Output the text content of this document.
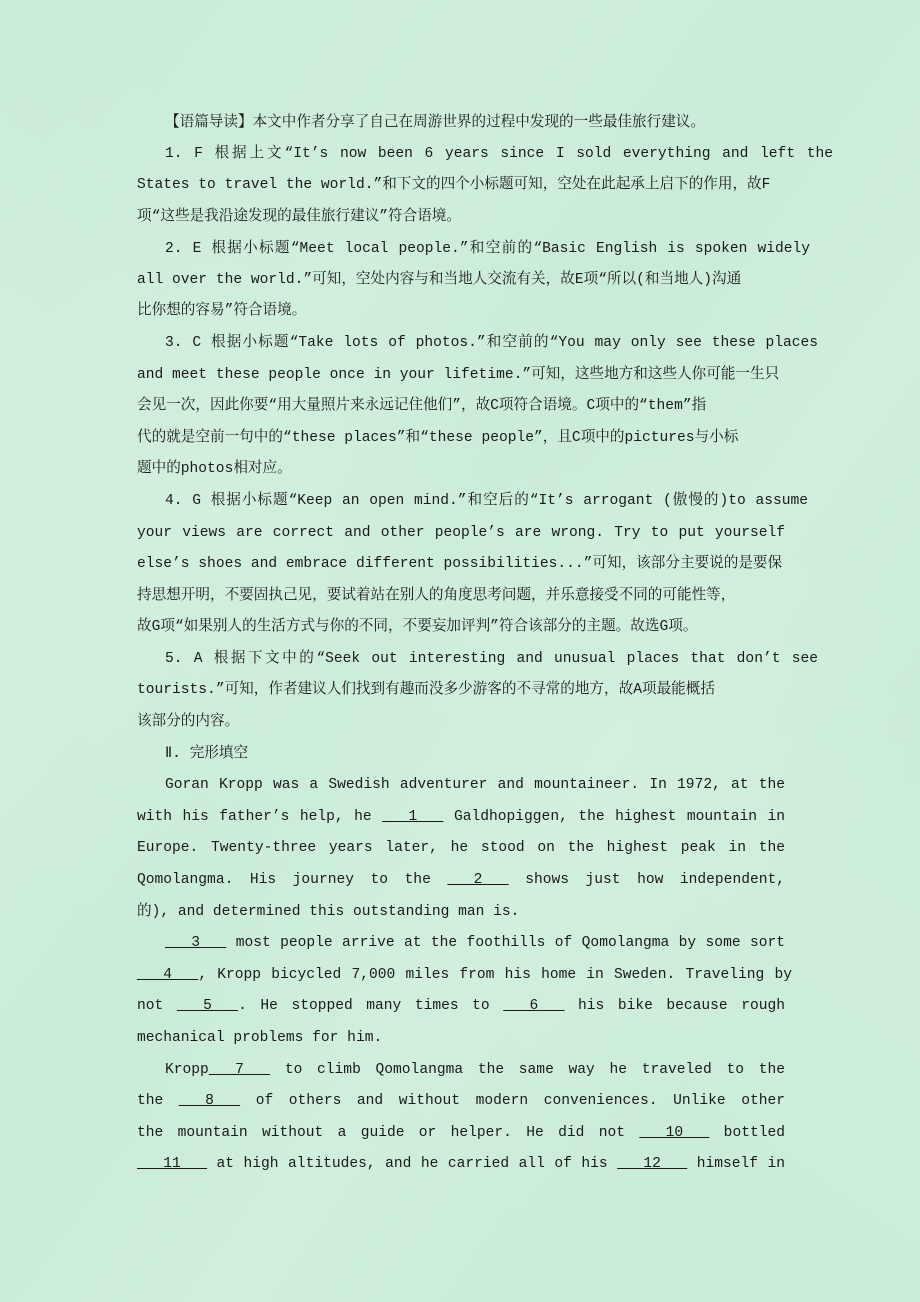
【语篇导读】本文中作者分享了自己在周游世界的过程中发现的一些最佳旅行建议。
1. F 根据上文“It’s now been 6 years since I sold everything and left the
States to travel the world.”和下文的四个小标题可知，空处在此起承上启下的作用，故F
项“这些是我沿途发现的最佳旅行建议”符合语境。
2. E 根据小标题“Meet local people.”和空前的“Basic English is spoken widely
all over the world.”可知，空处内容与和当地人交流有关，故E项“所以(和当地人)沟通
比你想的容易”符合语境。
3. C 根据小标题“Take lots of photos.”和空前的“You may only see these places
and meet these people once in your lifetime.”可知，这些地方和这些人你可能一生只
会见一次，因此你要“用大量照片来永远记住他们”，故C项符合语境。C项中的“them”指
代的就是空前一句中的“these places”和“these people”，且C项中的pictures与小标
题中的photos相对应。
4. G 根据小标题“Keep an open mind.”和空后的“It’s arrogant (傲慢的)to assume
your views are correct and other people’s are wrong. Try to put yourself
else’s shoes and embrace different possibilities...”可知，该部分主要说的是要保
持思想开明，不要固执己见，要试着站在别人的角度思考问题，并乐意接受不同的可能性等，
故G项“如果别人的生活方式与你的不同，不要妄加评判”符合该部分的主题。故选G项。
5. A 根据下文中的“Seek out interesting and unusual places that don’t see
tourists.”可知，作者建议人们找到有趣而没多少游客的不寻常的地方，故A项最能概括
该部分的内容。
Ⅱ. 完形填空
Goran Kropp was a Swedish adventurer and mountaineer. In 1972, at the
with his father’s help, he    1    Galdhopiggen, the highest mountain in
Europe. Twenty-three years later, he stood on the highest peak in the
Qomolangma. His journey to the    2    shows just how independent,
的), and determined this outstanding man is.
3    most people arrive at the foothills of Qomolangma by some sort
4   , Kropp bicycled 7,000 miles from his home in Sweden. Traveling by
not    5   . He stopped many times to    6    his bike because rough
mechanical problems for him.
Kropp   7    to climb Qomolangma the same way he traveled to the
the    8    of others and without modern conveniences. Unlike other
the mountain without a guide or helper. He did not    10    bottled
11    at high altitudes, and he carried all of his    12    himself in
